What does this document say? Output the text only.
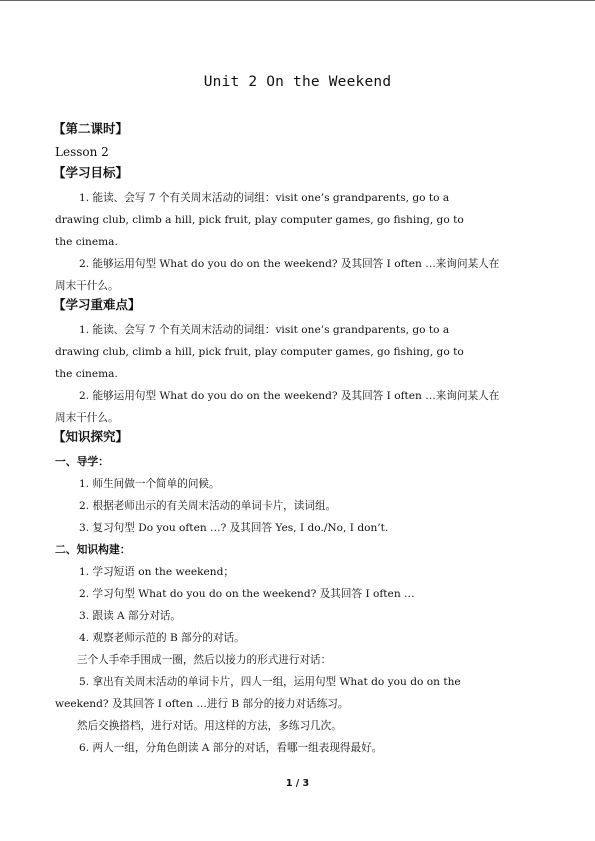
Unit 2 On the Weekend
【第二课时】
Lesson 2
【学习目标】
1. 能读、会写 7 个有关周末活动的词组：visit one’s grandparents, go to a
drawing club, climb a hill, pick fruit, play computer games, go fishing, go to
the cinema.
2. 能够运用句型 What do you do on the weekend? 及其回答 I often …来询问某人在
周末干什么。
【学习重难点】
1. 能读、会写 7 个有关周末活动的词组：visit one’s grandparents, go to a
drawing club, climb a hill, pick fruit, play computer games, go fishing, go to
the cinema.
2. 能够运用句型 What do you do on the weekend? 及其回答 I often …来询问某人在
周末干什么。
【知识探究】
一、导学：
1. 师生间做一个简单的问候。
2. 根据老师出示的有关周末活动的单词卡片，读词组。
3. 复习句型 Do you often …? 及其回答 Yes, I do./No, I don’t.
二、知识构建：
1. 学习短语 on the weekend；
2. 学习句型 What do you do on the weekend? 及其回答 I often …
3. 跟读 A 部分对话。
4. 观察老师示范的 B 部分的对话。
三个人手牵手围成一圈，然后以接力的形式进行对话：
5. 拿出有关周末活动的单词卡片，四人一组，运用句型 What do you do on the
weekend? 及其回答 I often …进行 B 部分的接力对话练习。
然后交换搭档，进行对话。用这样的方法，多练习几次。
6. 两人一组，分角色朗读 A 部分的对话，看哪一组表现得最好。
1 / 3
